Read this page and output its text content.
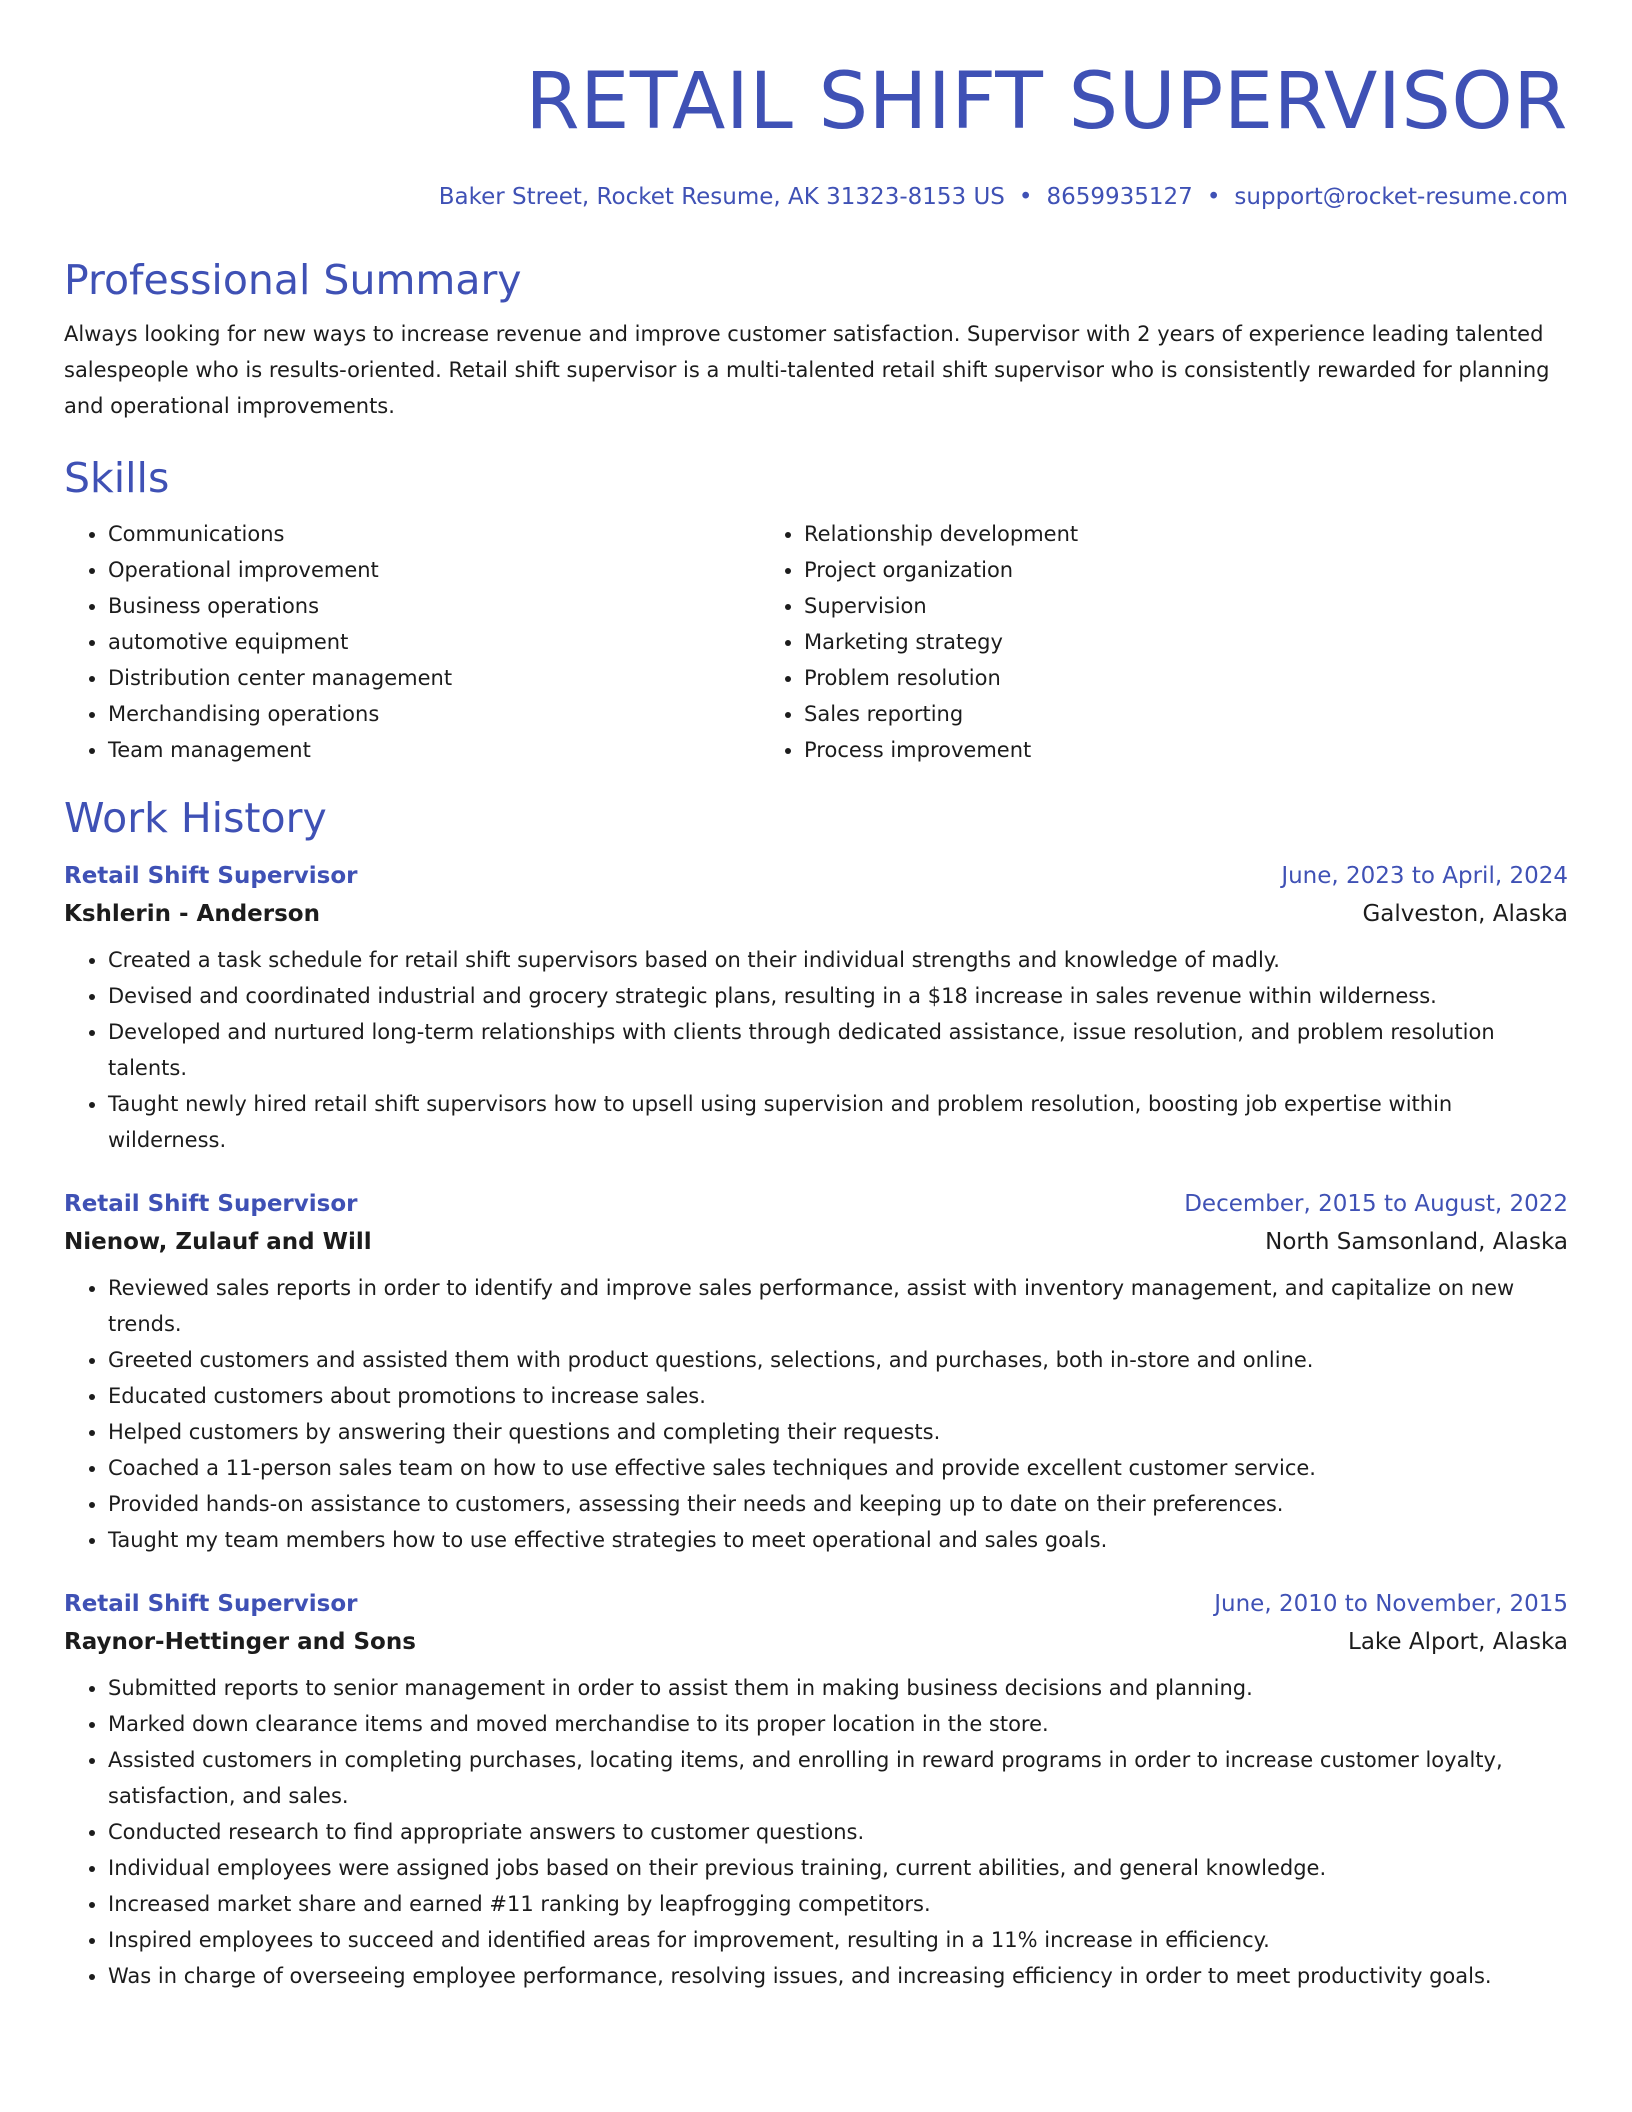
RETAIL SHIFT SUPERVISOR
Baker Street, Rocket Resume, AK 31323-8153 US • 8659935127 • support@rocket-resume.com
Professional Summary

Always looking for new ways to increase revenue and improve customer satisfaction. Supervisor with 2 years of experience leading talented salespeople who is results-oriented. Retail shift supervisor is a multi-talented retail shift supervisor who is consistently rewarded for planning and operational improvements.

Skills
• Communications
• Operational improvement
• Business operations
• automotive equipment
• Distribution center management
• Merchandising operations
• Team management
• Relationship development
• Project organization
• Supervision
• Marketing strategy
• Problem resolution
• Sales reporting
• Process improvement
Work History
Retail Shift Supervisor	June, 2023 to April, 2024
Kshlerin - Anderson	Galveston, Alaska
• Created a task schedule for retail shift supervisors based on their individual strengths and knowledge of madly.
• Devised and coordinated industrial and grocery strategic plans, resulting in a $18 increase in sales revenue within wilderness.
• Developed and nurtured long-term relationships with clients through dedicated assistance, issue resolution, and problem resolution talents.
• Taught newly hired retail shift supervisors how to upsell using supervision and problem resolution, boosting job expertise within wilderness.
Retail Shift Supervisor	December, 2015 to August, 2022
Nienow, Zulauf and Will	North Samsonland, Alaska
• Reviewed sales reports in order to identify and improve sales performance, assist with inventory management, and capitalize on new trends.
• Greeted customers and assisted them with product questions, selections, and purchases, both in-store and online.
• Educated customers about promotions to increase sales.
• Helped customers by answering their questions and completing their requests.
• Coached a 11-person sales team on how to use effective sales techniques and provide excellent customer service.
• Provided hands-on assistance to customers, assessing their needs and keeping up to date on their preferences.
• Taught my team members how to use effective strategies to meet operational and sales goals.
Retail Shift Supervisor	June, 2010 to November, 2015
Raynor-Hettinger and Sons	Lake Alport, Alaska
• Submitted reports to senior management in order to assist them in making business decisions and planning.
• Marked down clearance items and moved merchandise to its proper location in the store.
• Assisted customers in completing purchases, locating items, and enrolling in reward programs in order to increase customer loyalty, satisfaction, and sales.
• Conducted research to find appropriate answers to customer questions.
• Individual employees were assigned jobs based on their previous training, current abilities, and general knowledge.
• Increased market share and earned #11 ranking by leapfrogging competitors.
• Inspired employees to succeed and identified areas for improvement, resulting in a 11% increase in efficiency.
• Was in charge of overseeing employee performance, resolving issues, and increasing efficiency in order to meet productivity goals.
